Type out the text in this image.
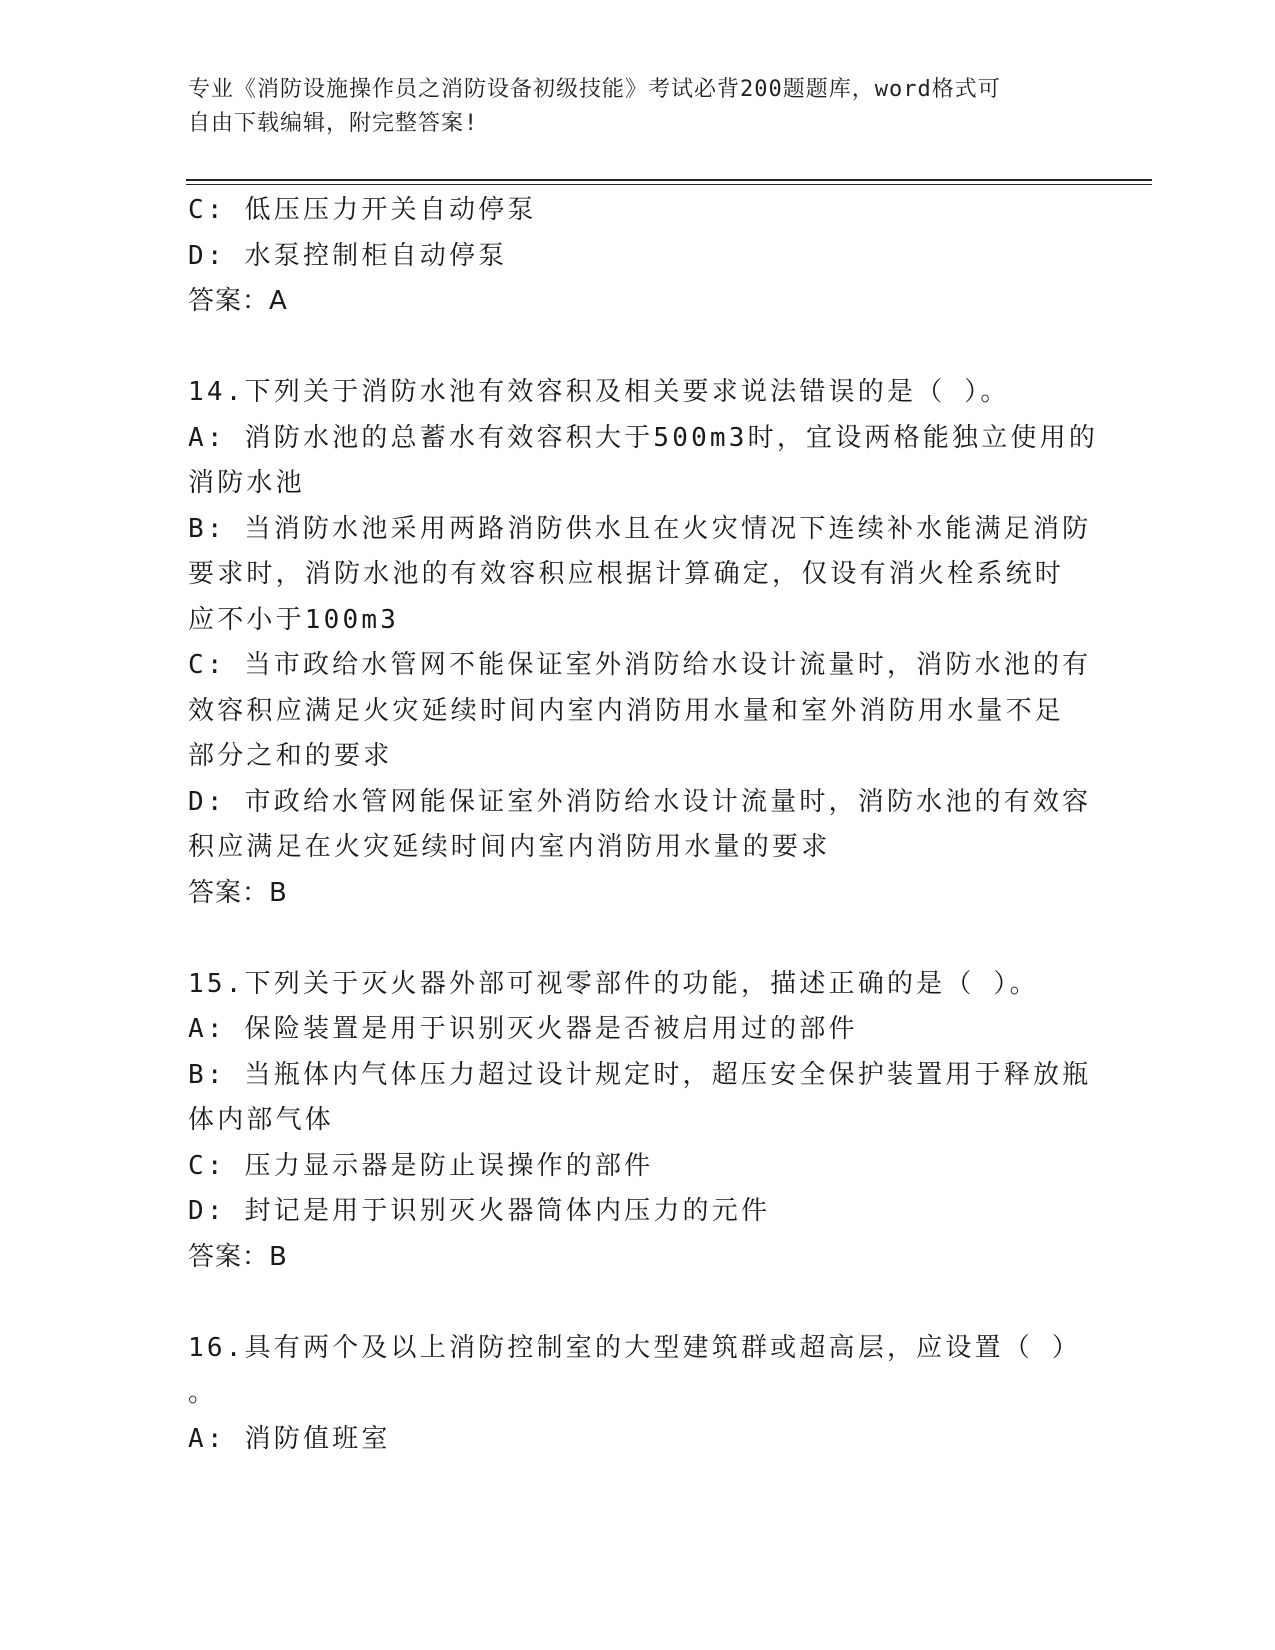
专业《消防设施操作员之消防设备初级技能》考试必背200题题库，word格式可
自由下载编辑，附完整答案!
C: 低压压力开关自动停泵
D: 水泵控制柜自动停泵
答案：A
14.下列关于消防水池有效容积及相关要求说法错误的是（ ）。
A: 消防水池的总蓄水有效容积大于500m3时，宜设两格能独立使用的
消防水池
B: 当消防水池采用两路消防供水且在火灾情况下连续补水能满足消防
要求时，消防水池的有效容积应根据计算确定，仅设有消火栓系统时
应不小于100m3
C: 当市政给水管网不能保证室外消防给水设计流量时，消防水池的有
效容积应满足火灾延续时间内室内消防用水量和室外消防用水量不足
部分之和的要求
D: 市政给水管网能保证室外消防给水设计流量时，消防水池的有效容
积应满足在火灾延续时间内室内消防用水量的要求
答案：B
15.下列关于灭火器外部可视零部件的功能，描述正确的是（ ）。
A: 保险装置是用于识别灭火器是否被启用过的部件
B: 当瓶体内气体压力超过设计规定时，超压安全保护装置用于释放瓶
体内部气体
C: 压力显示器是防止误操作的部件
D: 封记是用于识别灭火器筒体内压力的元件
答案：B
16.具有两个及以上消防控制室的大型建筑群或超高层，应设置（ ）
。
A: 消防值班室
